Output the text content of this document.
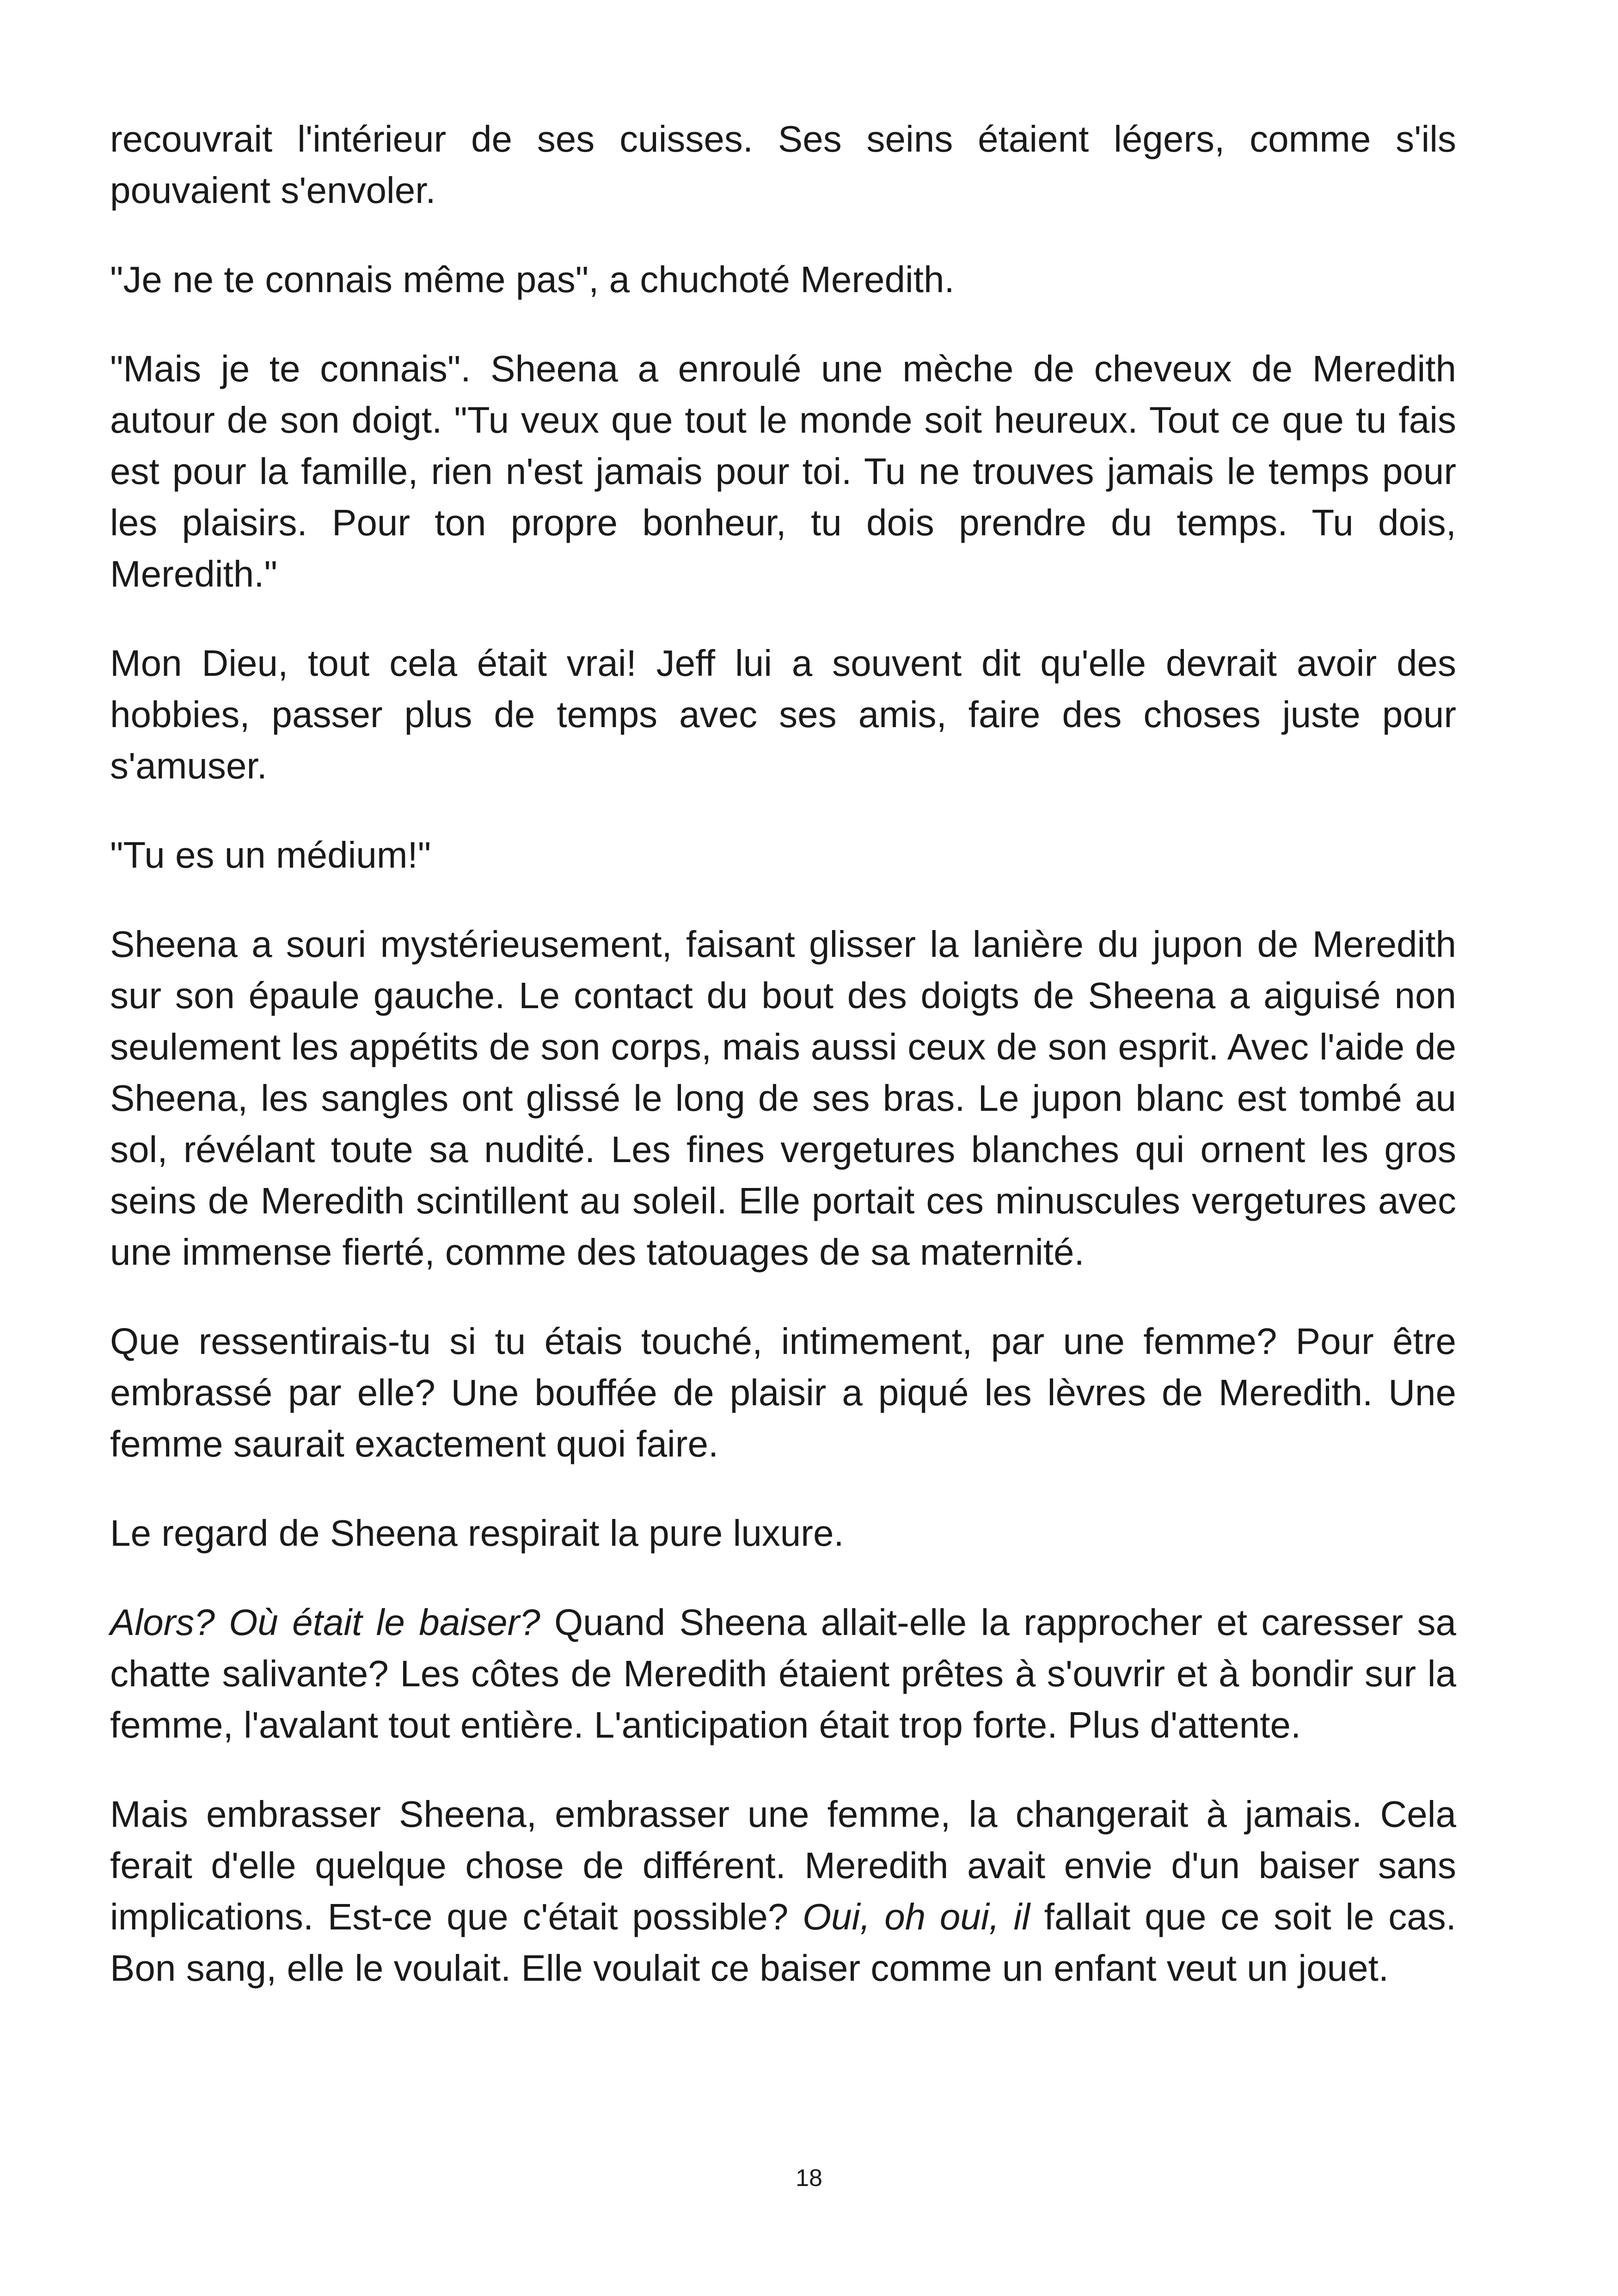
recouvrait l'intérieur de ses cuisses. Ses seins étaient légers, comme s'ils pouvaient s'envoler.

"Je ne te connais même pas", a chuchoté Meredith.

"Mais je te connais". Sheena a enroulé une mèche de cheveux de Meredith autour de son doigt. "Tu veux que tout le monde soit heureux. Tout ce que tu fais est pour la famille, rien n'est jamais pour toi. Tu ne trouves jamais le temps pour les plaisirs. Pour ton propre bonheur, tu dois prendre du temps. Tu dois, Meredith."

Mon Dieu, tout cela était vrai! Jeff lui a souvent dit qu'elle devrait avoir des hobbies, passer plus de temps avec ses amis, faire des choses juste pour s'amuser.

"Tu es un médium!"

Sheena a souri mystérieusement, faisant glisser la lanière du jupon de Meredith sur son épaule gauche. Le contact du bout des doigts de Sheena a aiguisé non seulement les appétits de son corps, mais aussi ceux de son esprit. Avec l'aide de Sheena, les sangles ont glissé le long de ses bras. Le jupon blanc est tombé au sol, révélant toute sa nudité. Les fines vergetures blanches qui ornent les gros seins de Meredith scintillent au soleil. Elle portait ces minuscules vergetures avec une immense fierté, comme des tatouages de sa maternité.

Que ressentirais-tu si tu étais touché, intimement, par une femme? Pour être embrassé par elle? Une bouffée de plaisir a piqué les lèvres de Meredith. Une femme saurait exactement quoi faire.

Le regard de Sheena respirait la pure luxure.

Alors? Où était le baiser? Quand Sheena allait-elle la rapprocher et caresser sa chatte salivante? Les côtes de Meredith étaient prêtes à s'ouvrir et à bondir sur la femme, l'avalant tout entière. L'anticipation était trop forte. Plus d'attente.

Mais embrasser Sheena, embrasser une femme, la changerait à jamais. Cela ferait d'elle quelque chose de différent. Meredith avait envie d'un baiser sans implications. Est-ce que c'était possible? Oui, oh oui, il fallait que ce soit le cas. Bon sang, elle le voulait. Elle voulait ce baiser comme un enfant veut un jouet.

18
